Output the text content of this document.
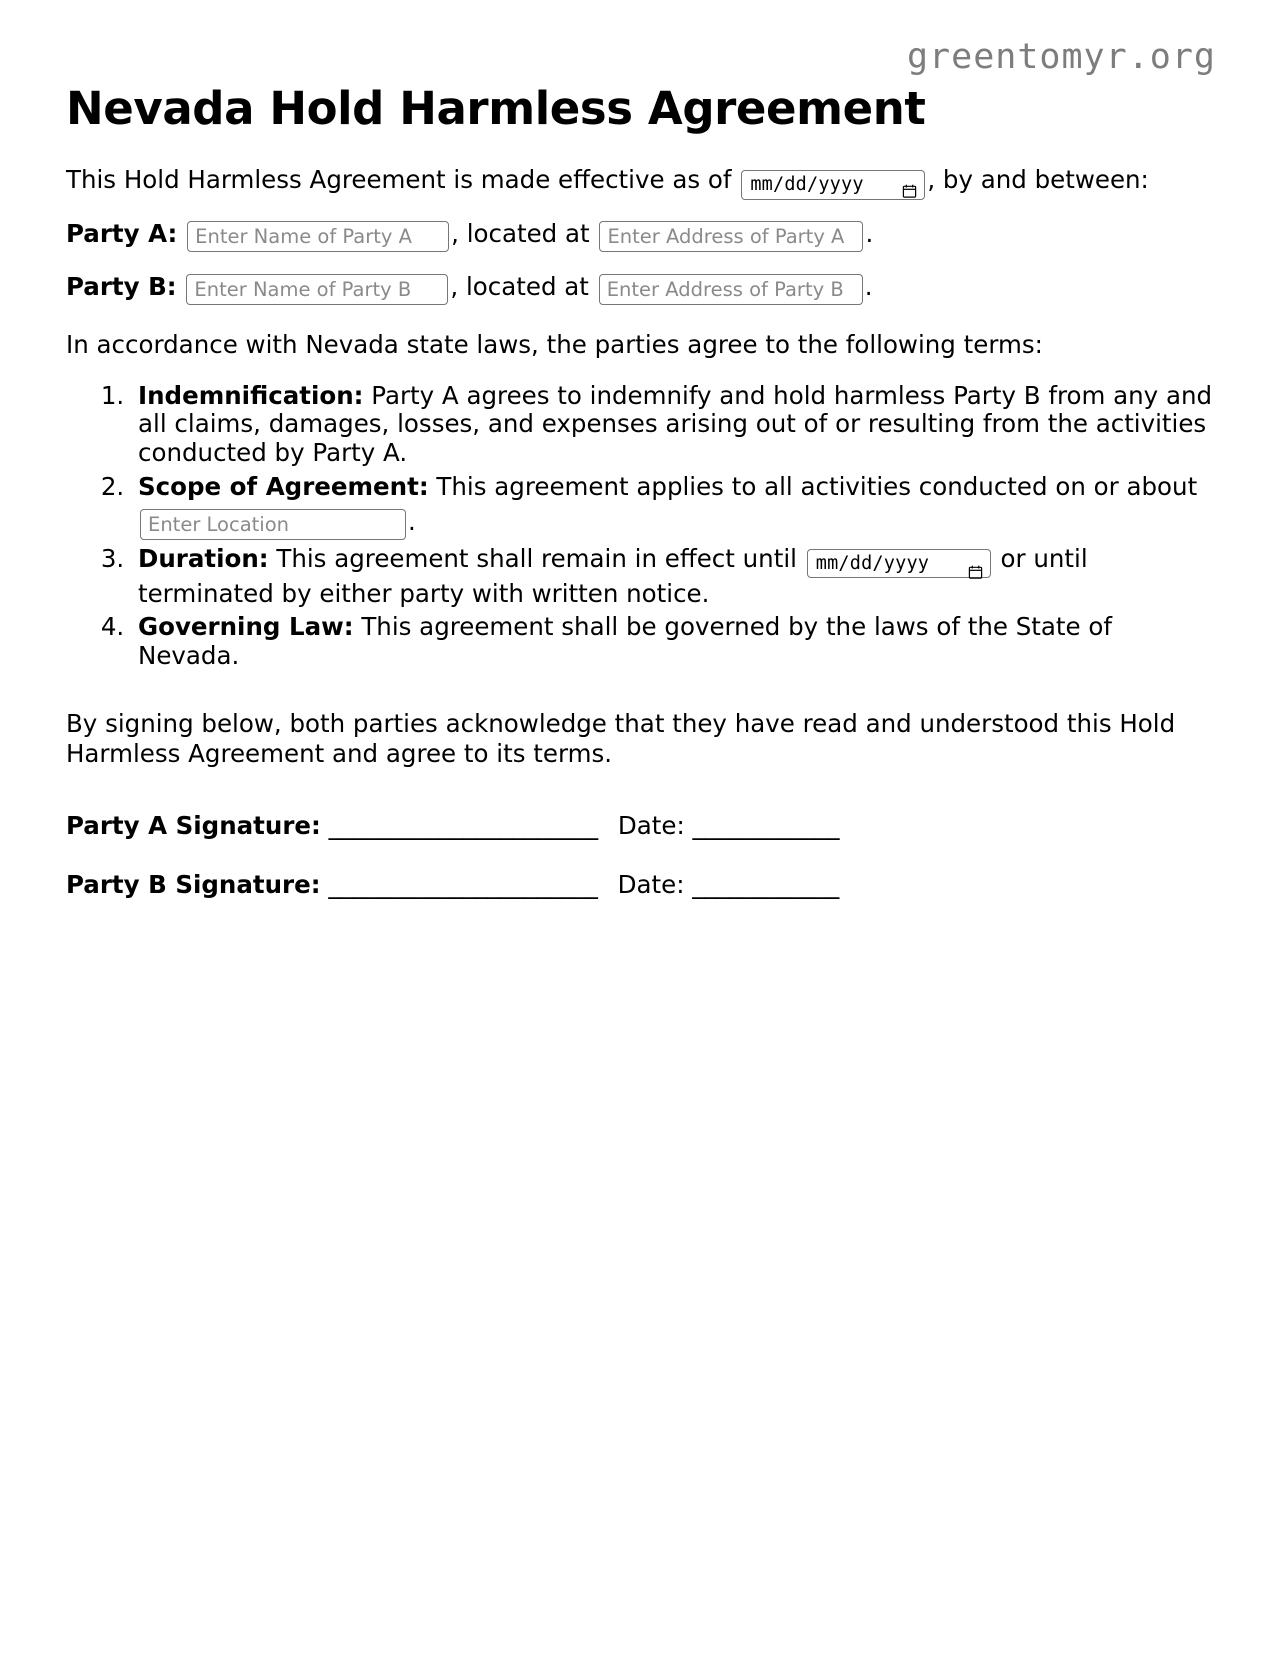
greentomyr.org
Nevada Hold Harmless Agreement

This Hold Harmless Agreement is made effective as of mm/dd/yyyy	, by and between:

Party A: Enter Name of Party A	, located at Enter Address of Party A	.
Party B: Enter Name of Party B	, located at Enter Address of Party B	.

In accordance with Nevada state laws, the parties agree to the following terms:

1. Indemnification: Party A agrees to indemnify and hold harmless Party B from any and all claims, damages, losses, and expenses arising out of or resulting from the activities conducted by Party A.
2. Scope of Agreement: This agreement applies to all activities conducted on or about Enter Location.
3. Duration: This agreement shall remain in effect until mm/dd/yyyy	or until terminated by either party with written notice.
4. Governing Law: This agreement shall be governed by the laws of the State of Nevada.

By signing below, both parties acknowledge that they have read and understood this Hold Harmless Agreement and agree to its terms.

Party A Signature: ______________________ Date: ____________
Party B Signature: ______________________ Date: ____________
